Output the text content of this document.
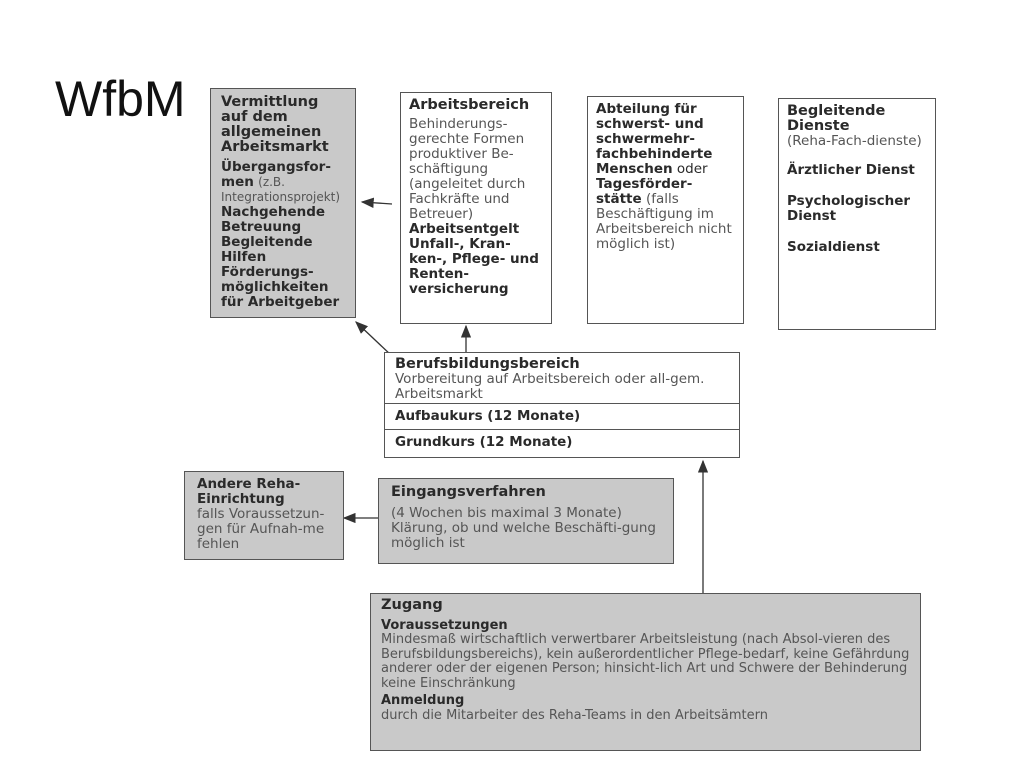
WfbM Vermittlung auf dem allgemeinen Arbeitsmarkt
Übergangsfor-men (z.B. Integrationsprojekt)
Nachgehende Betreuung
Begleitende Hilfen
Förderungs-möglichkeiten für Arbeitgeber
Arbeitsbereich
Behinderungs-gerechte Formen produktiver Be-schäftigung (angeleitet durch Fachkräfte und Betreuer)
Arbeitsentgelt
Unfall-, Kran-ken-, Pflege- und Renten-versicherung
Abteilung für schwerst- und schwermehr-fachbehinderte Menschen oder Tagesförder-stätte (falls Beschäftigung im Arbeitsbereich nicht möglich ist)
Begleitende Dienste
(Reha-Fach-dienste)
Ärztlicher Dienst
Psychologischer Dienst
Sozialdienst
Berufsbildungsbereich
Vorbereitung auf Arbeitsbereich oder all-gem. Arbeitsmarkt
Aufbaukurs (12 Monate)
Grundkurs (12 Monate)
Andere Reha-Einrichtung
falls Voraussetzun-gen für Aufnah-me fehlen
Eingangsverfahren
(4 Wochen bis maximal 3 Monate)
Klärung, ob und welche Beschäfti-gung möglich ist
Zugang
Voraussetzungen
Mindesmaß wirtschaftlich verwertbarer Arbeitsleistung (nach Absol-vieren des Berufsbildungsbereichs), kein außerordentlicher Pflege-bedarf, keine Gefährdung anderer oder der eigenen Person; hinsicht-lich Art und Schwere der Behinderung keine Einschränkung
Anmeldung
durch die Mitarbeiter des Reha-Teams in den Arbeitsämtern
